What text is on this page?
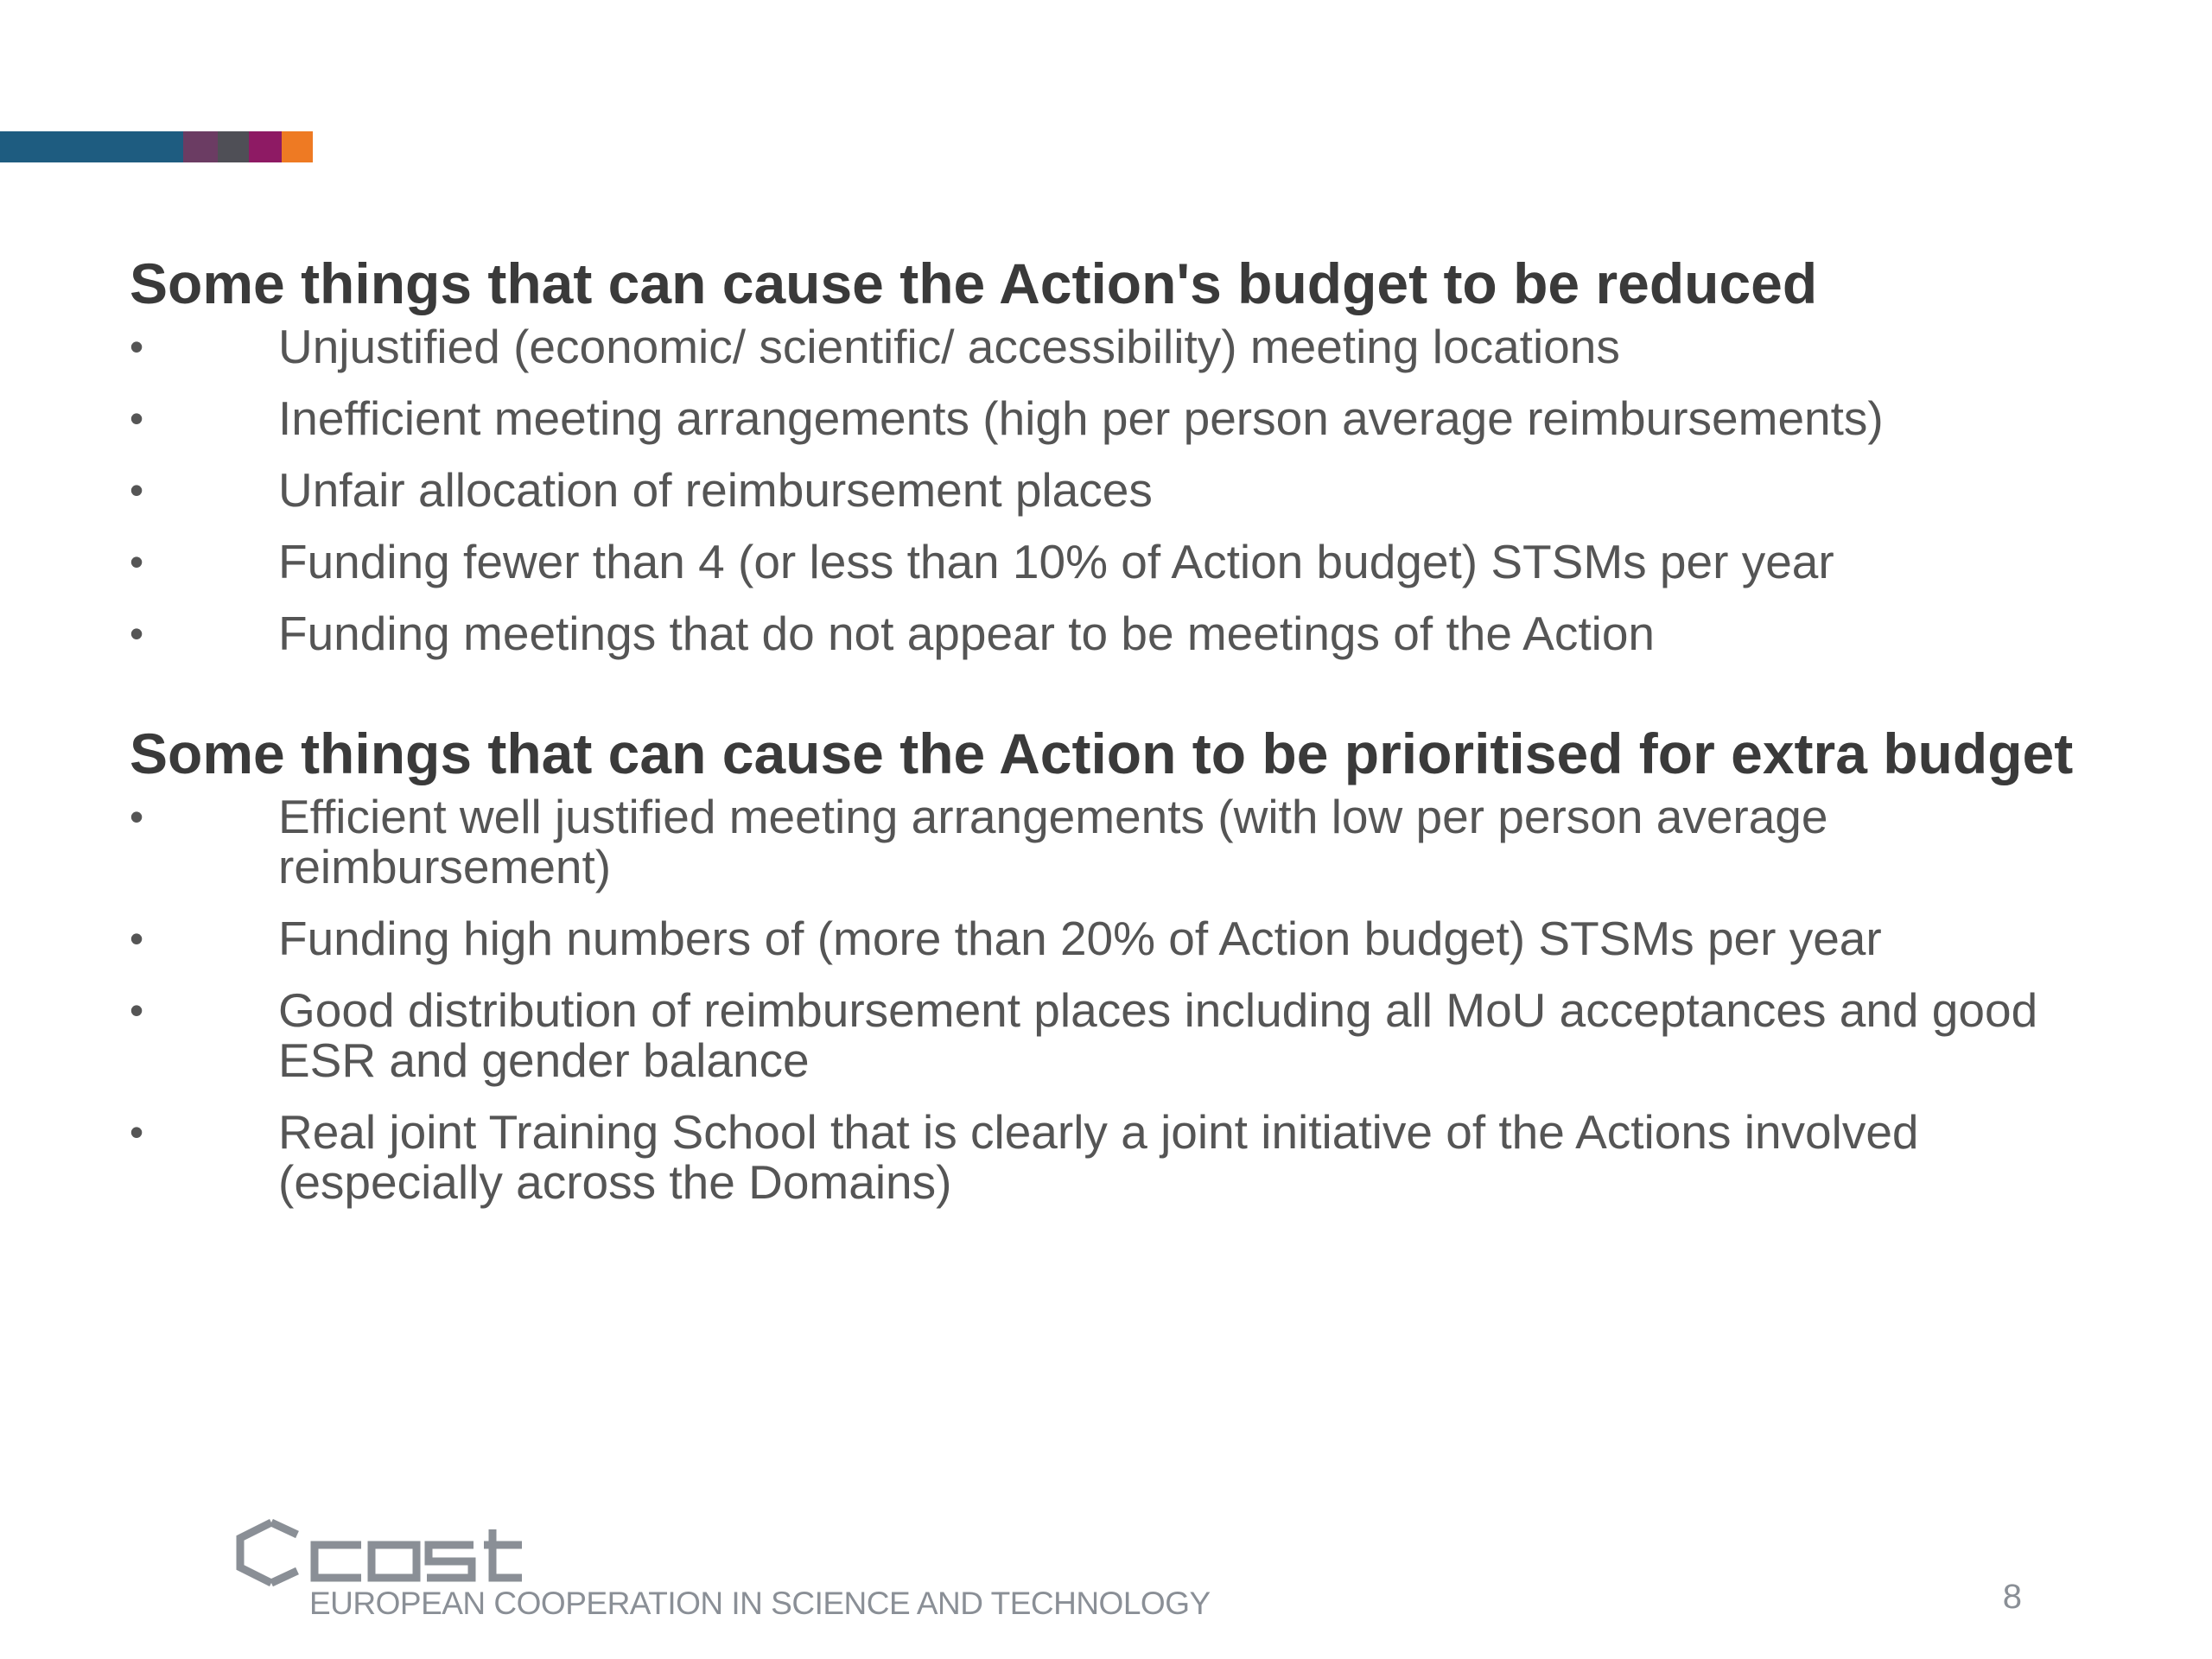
Some things that can cause the Action's budget to be reduced
•	Unjustified (economic/ scientific/ accessibility) meeting locations
•	Inefficient meeting arrangements (high per person average reimbursements)
•	Unfair allocation of reimbursement places
•	Funding fewer than 4 (or less than 10% of Action budget) STSMs per year
•	Funding meetings that do not appear to be meetings of the Action
Some things that can cause the Action to be prioritised for extra budget
•	Efficient well justified meeting arrangements (with low per person average reimbursement)
•	Funding high numbers of (more than 20% of Action budget) STSMs per year
•	Good distribution of reimbursement places including all MoU acceptances and good ESR and gender balance
•	Real joint Training School that is clearly a joint initiative of the Actions involved (especially across the Domains)
EUROPEAN COOPERATION IN SCIENCE AND TECHNOLOGY	8
